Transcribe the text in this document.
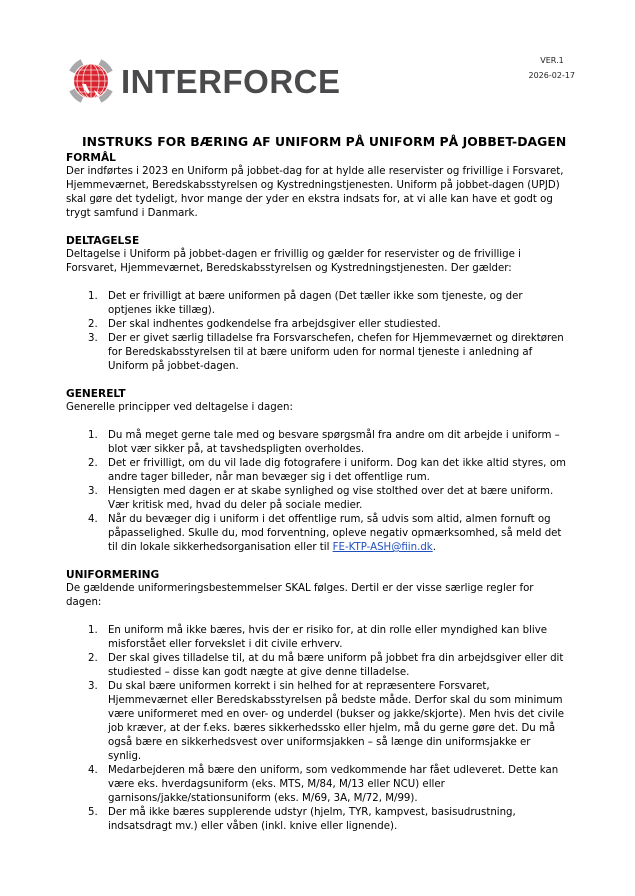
INTERFORCE
VER.1
2026-02-17
INSTRUKS FOR BÆRING AF UNIFORM PÅ UNIFORM PÅ JOBBET-DAGEN
FORMÅL

Der indførtes i 2023 en Uniform på jobbet-dag for at hylde alle reservister og frivillige i Forsvaret, Hjemmeværnet, Beredskabsstyrelsen og Kystredningstjenesten. Uniform på jobbet-dagen (UPJD) skal gøre det tydeligt, hvor mange der yder en ekstra indsats for, at vi alle kan have et godt og trygt samfund i Danmark.

DELTAGELSE

Deltagelse i Uniform på jobbet-dagen er frivillig og gælder for reservister og de frivillige i Forsvaret, Hjemmeværnet, Beredskabsstyrelsen og Kystredningstjenesten. Der gælder:

1. Det er frivilligt at bære uniformen på dagen (Det tæller ikke som tjeneste, og der optjenes ikke tillæg).
2. Der skal indhentes godkendelse fra arbejdsgiver eller studiested.
3. Der er givet særlig tilladelse fra Forsvarschefen, chefen for Hjemmeværnet og direktøren for Beredskabsstyrelsen til at bære uniform uden for normal tjeneste i anledning af Uniform på jobbet-dagen.
GENERELT

Generelle principper ved deltagelse i dagen:

1. Du må meget gerne tale med og besvare spørgsmål fra andre om dit arbejde i uniform – blot vær sikker på, at tavshedspligten overholdes.
2. Det er frivilligt, om du vil lade dig fotografere i uniform. Dog kan det ikke altid styres, om andre tager billeder, når man bevæger sig i det offentlige rum.
3. Hensigten med dagen er at skabe synlighed og vise stolthed over det at bære uniform. Vær kritisk med, hvad du deler på sociale medier.
4. Når du bevæger dig i uniform i det offentlige rum, så udvis som altid, almen fornuft og påpasselighed. Skulle du, mod forventning, opleve negativ opmærksomhed, så meld det til din lokale sikkerhedsorganisation eller til FE-KTP-ASH@fiin.dk.
UNIFORMERING

De gældende uniformeringsbestemmelser SKAL følges. Dertil er der visse særlige regler for dagen:

1. En uniform må ikke bæres, hvis der er risiko for, at din rolle eller myndighed kan blive misforstået eller forvekslet i dit civile erhverv.
2. Der skal gives tilladelse til, at du må bære uniform på jobbet fra din arbejdsgiver eller dit studiested – disse kan godt nægte at give denne tilladelse.
3. Du skal bære uniformen korrekt i sin helhed for at repræsentere Forsvaret, Hjemmeværnet eller Beredskabsstyrelsen på bedste måde. Derfor skal du som minimum være uniformeret med en over- og underdel (bukser og jakke/skjorte). Men hvis det civile job kræver, at der f.eks. bæres sikkerhedssko eller hjelm, må du gerne gøre det. Du må også bære en sikkerhedsvest over uniformsjakken – så længe din uniformsjakke er synlig.
4. Medarbejderen må bære den uniform, som vedkommende har fået udleveret. Dette kan være eks. hverdagsuniform (eks. MTS, M/84, M/13 eller NCU) eller garnisons/jakke/stationsuniform (eks. M/69, 3A, M/72, M/99).
5. Der må ikke bæres supplerende udstyr (hjelm, TYR, kampvest, basisudrustning, indsatsdragt mv.) eller våben (inkl. knive eller lignende).
